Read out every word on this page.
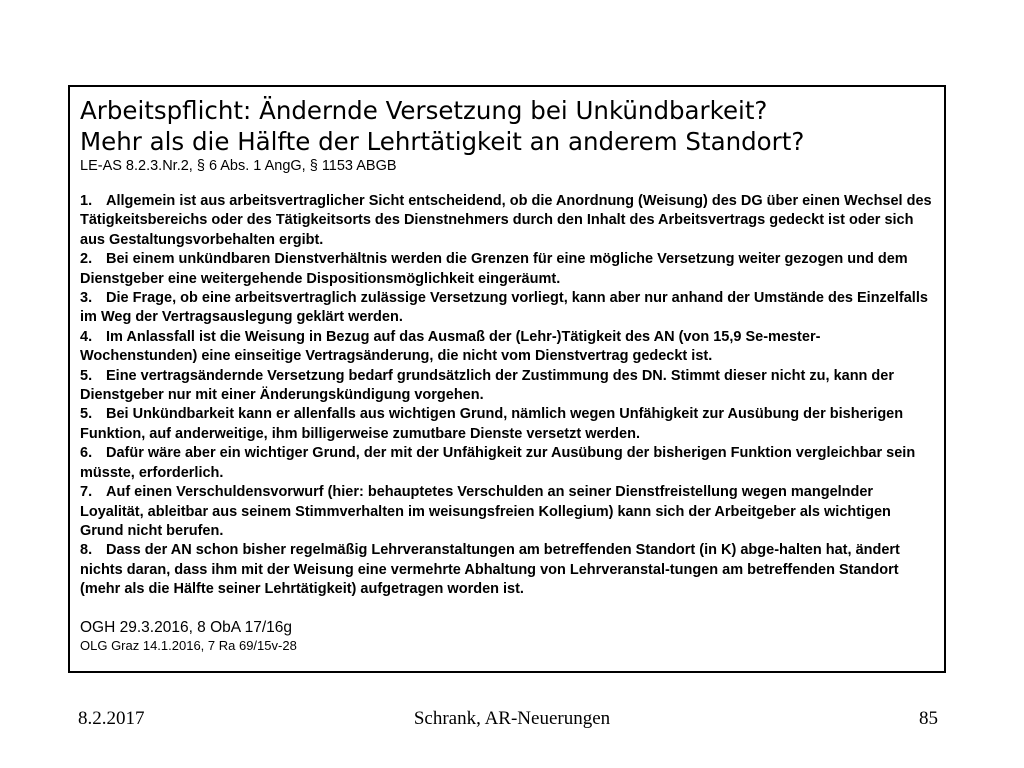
Arbeitspflicht: Ändernde Versetzung bei Unkündbarkeit?
Mehr als die Hälfte der Lehrtätigkeit an anderem Standort?
LE-AS 8.2.3.Nr.2, § 6 Abs. 1 AngG, § 1153 ABGB

1. Allgemein ist aus arbeitsvertraglicher Sicht entscheidend, ob die Anordnung (Weisung) des DG über einen Wechsel des Tätigkeitsbereichs oder des Tätigkeitsorts des Dienstnehmers durch den Inhalt des Arbeitsvertrags gedeckt ist oder sich aus Gestaltungsvorbehalten ergibt.

2. Bei einem unkündbaren Dienstverhältnis werden die Grenzen für eine mögliche Versetzung weiter gezogen und dem Dienstgeber eine weitergehende Dispositionsmöglichkeit eingeräumt.

3. Die Frage, ob eine arbeitsvertraglich zulässige Versetzung vorliegt, kann aber nur anhand der Umstände des Einzelfalls im Weg der Vertragsauslegung geklärt werden.

4. Im Anlassfall ist die Weisung in Bezug auf das Ausmaß der (Lehr-)Tätigkeit des AN (von 15,9 Se-mester-Wochenstunden) eine einseitige Vertragsänderung, die nicht vom Dienstvertrag gedeckt ist.

5. Eine vertragsändernde Versetzung bedarf grundsätzlich der Zustimmung des DN. Stimmt dieser nicht zu, kann der Dienstgeber nur mit einer Änderungskündigung vorgehen.

5. Bei Unkündbarkeit kann er allenfalls aus wichtigen Grund, nämlich wegen Unfähigkeit zur Ausübung der bisherigen Funktion, auf anderweitige, ihm billigerweise zumutbare Dienste versetzt werden.

6. Dafür wäre aber ein wichtiger Grund, der mit der Unfähigkeit zur Ausübung der bisherigen Funktion vergleichbar sein müsste, erforderlich.

7. Auf einen Verschuldensvorwurf (hier: behauptetes Verschulden an seiner Dienstfreistellung wegen mangelnder Loyalität, ableitbar aus seinem Stimmverhalten im weisungsfreien Kollegium) kann sich der Arbeitgeber als wichtigen Grund nicht berufen.

8. Dass der AN schon bisher regelmäßig Lehrveranstaltungen am betreffenden Standort (in K) abge-halten hat, ändert nichts daran, dass ihm mit der Weisung eine vermehrte Abhaltung von Lehrveranstal-tungen am betreffenden Standort (mehr als die Hälfte seiner Lehrtätigkeit) aufgetragen worden ist.

OGH 29.3.2016, 8 ObA 17/16g

OLG Graz 14.1.2016, 7 Ra 69/15v-28

8.2.2017	Schrank, AR-Neuerungen	85
